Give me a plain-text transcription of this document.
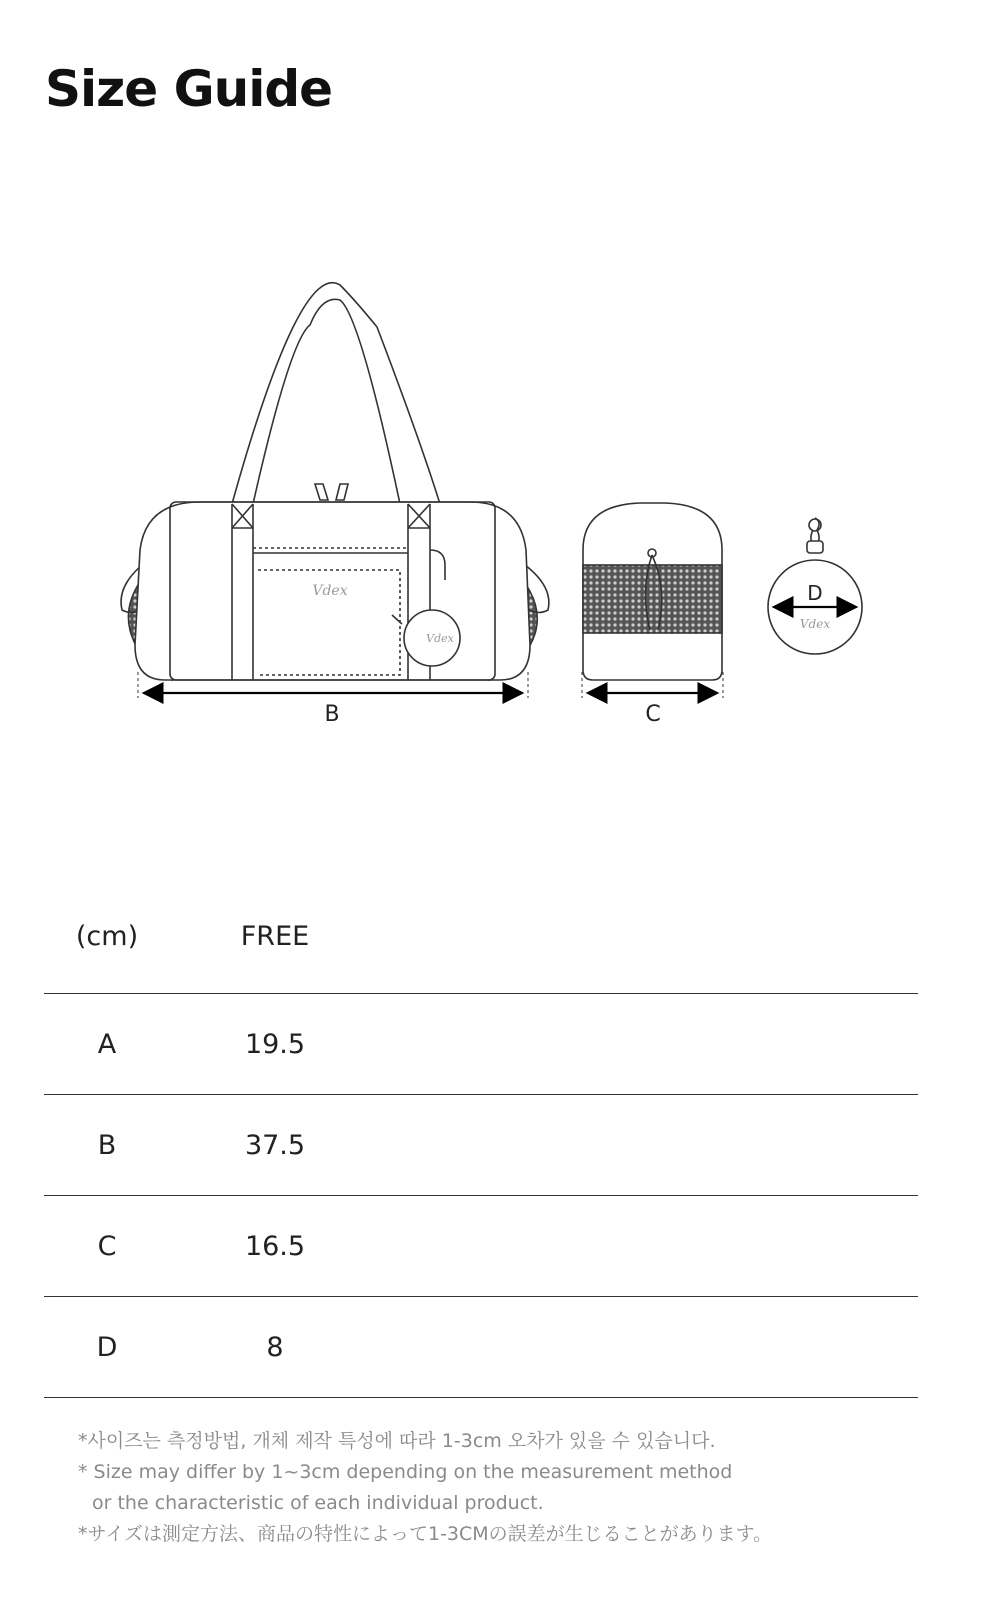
Size Guide
Vdex
Vdex
B	C
D
Vdex
(cm)	FREE	
A	19.5	
B	37.5	
C	16.5	
D	8	
*사이즈는 측정방법, 개체 제작 특성에 따라 1-3cm 오차가 있을 수 있습니다.
* Size may differ by 1~3cm depending on the measurement method
or the characteristic of each individual product.
*サイズは測定方法、商品の特性によって1-3CMの誤差が生じることがあります。
